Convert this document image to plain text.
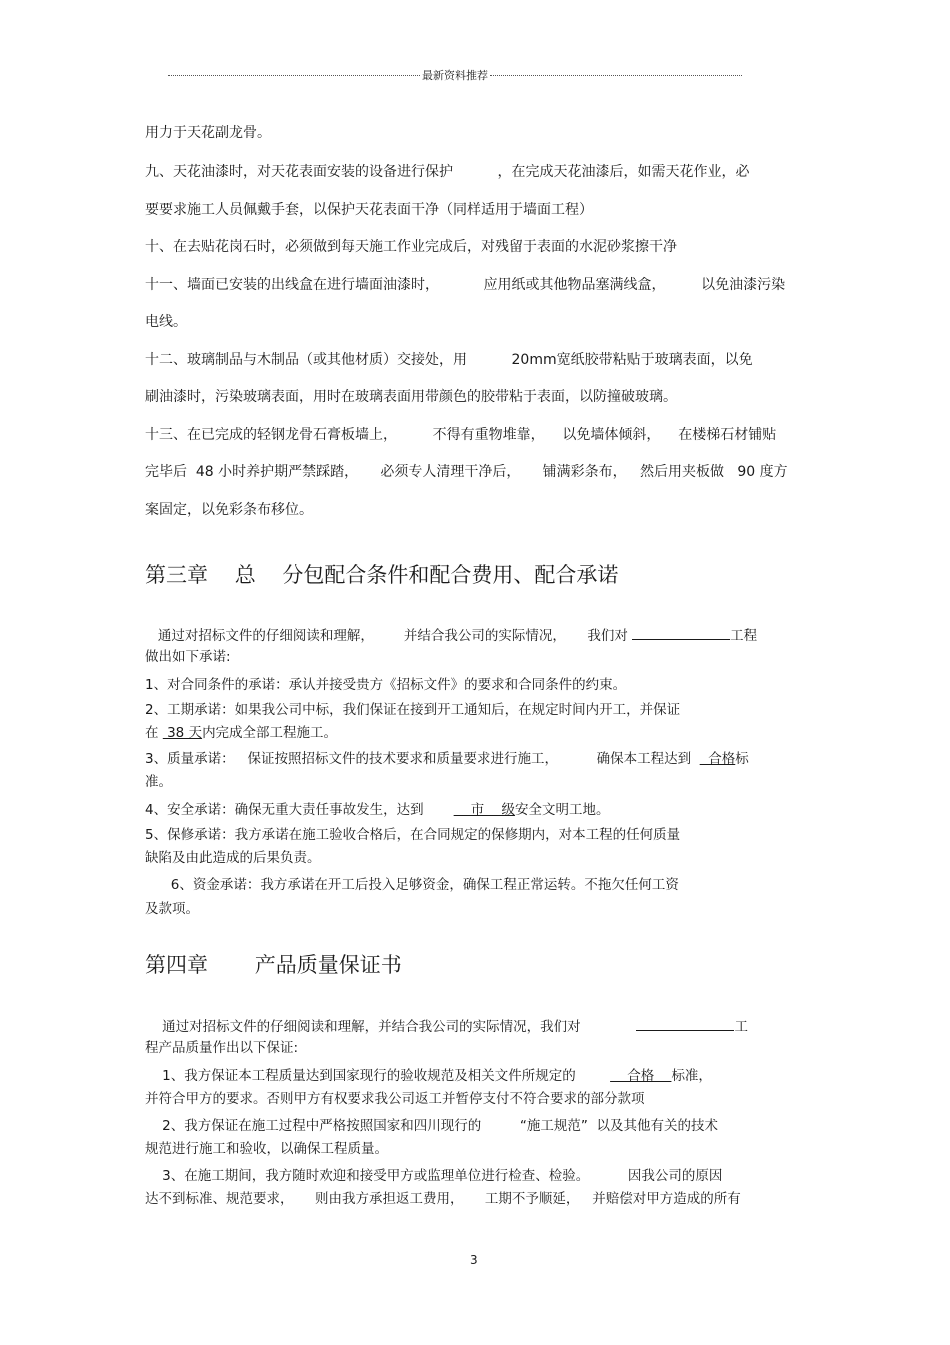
最新资料推荐
用力于天花副龙骨。
九、天花油漆时，对天花表面安装的设备进行保护          ，在完成天花油漆后，如需天花作业，必
要要求施工人员佩戴手套，以保护天花表面干净（同样适用于墙面工程）
十、在去贴花岗石时，必须做到每天施工作业完成后，对残留于表面的水泥砂浆擦干净
十一、墙面已安装的出线盒在进行墙面油漆时，          应用纸或其他物品塞满线盒，        以免油漆污染
电线。
十二、玻璃制品与木制品（或其他材质）交接处，用          20mm宽纸胶带粘贴于玻璃表面，以免
刷油漆时，污染玻璃表面，用时在玻璃表面用带颜色的胶带粘于表面，以防撞破玻璃。
十三、在已完成的轻钢龙骨石膏板墙上，        不得有重物堆靠，    以免墙体倾斜，    在楼梯石材铺贴
完毕后  48 小时养护期严禁踩踏，     必须专人清理干净后，     铺满彩条布，   然后用夹板做   90 度方
案固定，以免彩条布移位。
第三章    总    分包配合条件和配合费用、配合承诺
通过对招标文件的仔细阅读和理解，       并结合我公司的实际情况，     我们对	工程
做出如下承诺:
1、对合同条件的承诺：承认并接受贵方《招标文件》的要求和合同条件的约束。
2、工期承诺：如果我公司中标，我们保证在接到开工通知后，在规定时间内开工，并保证
在  38 天内完成全部工程施工。
3、质量承诺：   保证按照招标文件的技术要求和质量要求进行施工，         确保本工程达到    合格标
准。
4、安全承诺：确保无重大责任事故发生，达到           市    级安全文明工地。
5、保修承诺：我方承诺在施工验收合格后，在合同规定的保修期内，对本工程的任何质量
缺陷及由此造成的后果负责。
6、资金承诺：我方承诺在开工后投入足够资金，确保工程正常运转。不拖欠任何工资
及款项。
第四章       产品质量保证书
通过对招标文件的仔细阅读和理解，并结合我公司的实际情况，我们对	工
程产品质量作出以下保证:
1、我方保证本工程质量达到国家现行的验收规范及相关文件所规定的            合格    标准，
并符合甲方的要求。否则甲方有权要求我公司返工并暂停支付不符合要求的部分款项
2、我方保证在施工过程中严格按照国家和四川现行的         “施工规范”  以及其他有关的技术
规范进行施工和验收，以确保工程质量。
3、在施工期间，我方随时欢迎和接受甲方或监理单位进行检查、检验。         因我公司的原因
达不到标准、规范要求，     则由我方承担返工费用，     工期不予顺延，   并赔偿对甲方造成的所有
3
